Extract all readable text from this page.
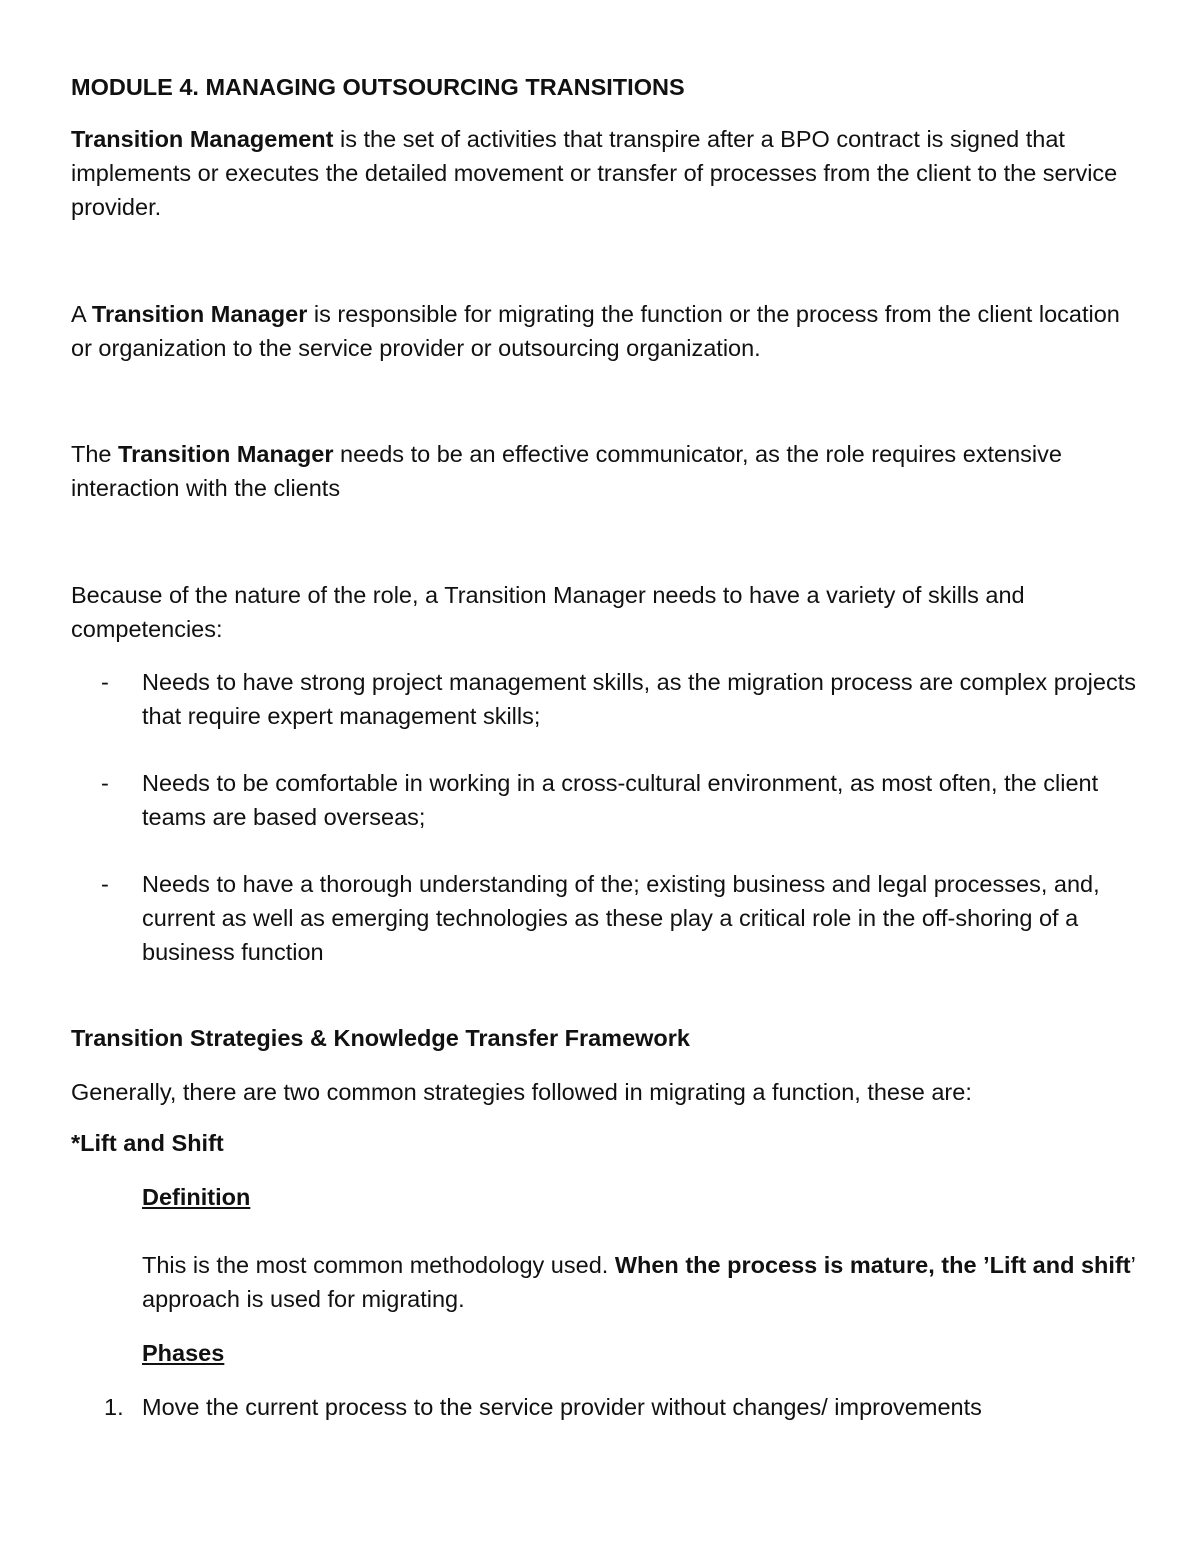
MODULE 4. MANAGING OUTSOURCING TRANSITIONS

Transition Management is the set of activities that transpire after a BPO contract is signed that implements or executes the detailed movement or transfer of processes from the client to the service provider.

A Transition Manager is responsible for migrating the function or the process from the client location or organization to the service provider or outsourcing organization.

The Transition Manager needs to be an effective communicator, as the role requires extensive interaction with the clients

Because of the nature of the role, a Transition Manager needs to have a variety of skills and competencies:

-	Needs to have strong project management skills, as the migration process are complex projects that require expert management skills;
-	Needs to be comfortable in working in a cross-cultural environment, as most often, the client teams are based overseas;
-	Needs to have a thorough understanding of the; existing business and legal processes, and, current as well as emerging technologies as these play a critical role in the off-shoring of a business function

Transition Strategies & Knowledge Transfer Framework

Generally, there are two common strategies followed in migrating a function, these are:

*Lift and Shift

Definition

This is the most common methodology used. When the process is mature, the ’Lift and shift’ approach is used for migrating.

Phases

1. Move the current process to the service provider without changes/ improvements
